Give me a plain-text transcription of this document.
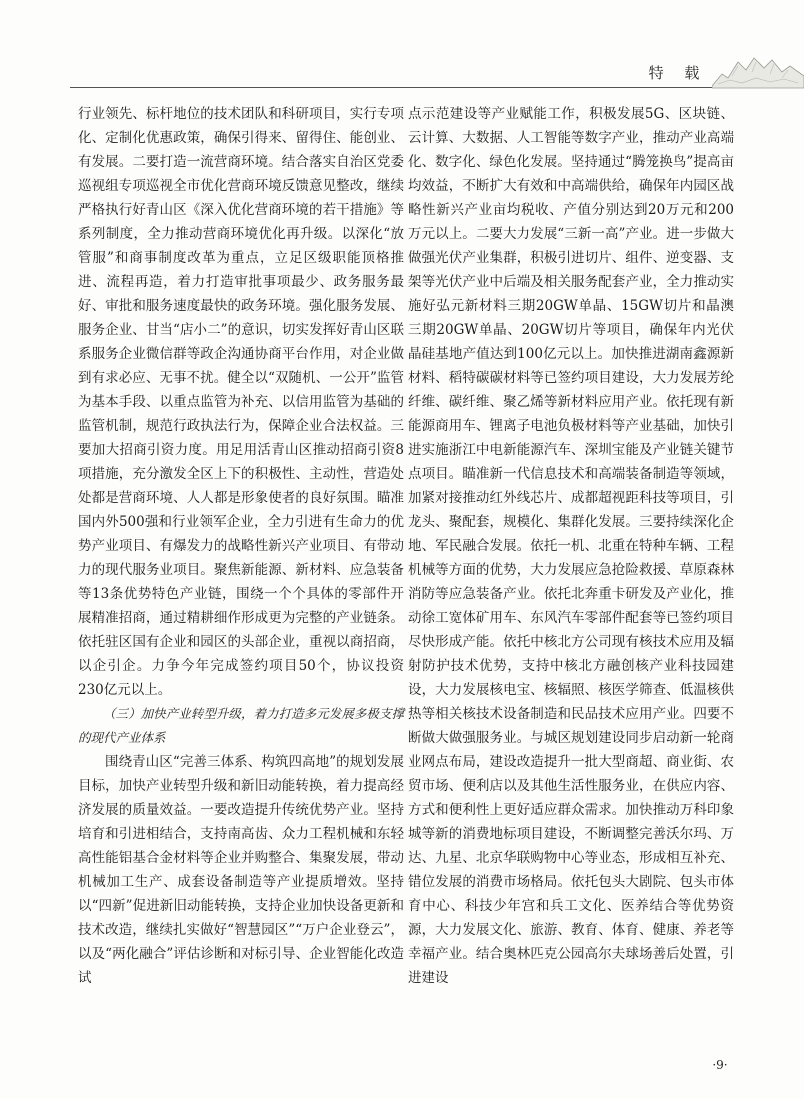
特 载

行业领先、标杆地位的技术团队和科研项目，实行专项化、定制化优惠政策，确保引得来、留得住、能创业、有发展。二要打造一流营商环境。结合落实自治区党委巡视组专项巡视全市优化营商环境反馈意见整改，继续严格执行好青山区《深入优化营商环境的若干措施》等系列制度，全力推动营商环境优化再升级。以深化“放管服”和商事制度改革为重点，立足区级职能顶格推进、流程再造，着力打造审批事项最少、政务服务最好、审批和服务速度最快的政务环境。强化服务发展、服务企业、甘当“店小二”的意识，切实发挥好青山区联系服务企业微信群等政企沟通协商平台作用，对企业做到有求必应、无事不扰。健全以“双随机、一公开”监管为基本手段、以重点监管为补充、以信用监管为基础的监管机制，规范行政执法行为，保障企业合法权益。三要加大招商引资力度。用足用活青山区推动招商引资8项措施，充分激发全区上下的积极性、主动性，营造处处都是营商环境、人人都是形象使者的良好氛围。瞄准国内外500强和行业领军企业，全力引进有生命力的优势产业项目、有爆发力的战略性新兴产业项目、有带动力的现代服务业项目。聚焦新能源、新材料、应急装备等13条优势特色产业链，围绕一个个具体的零部件开展精准招商，通过精耕细作形成更为完整的产业链条。依托驻区国有企业和园区的头部企业，重视以商招商，以企引企。力争今年完成签约项目50个，协议投资230亿元以上。

（三）加快产业转型升级，着力打造多元发展多极支撑的现代产业体系

围绕青山区“完善三体系、构筑四高地”的规划发展目标，加快产业转型升级和新旧动能转换，着力提高经济发展的质量效益。一要改造提升传统优势产业。坚持培育和引进相结合，支持南高齿、众力工程机械和东轻高性能铝基合金材料等企业并购整合、集聚发展，带动机械加工生产、成套设备制造等产业提质增效。坚持以“四新”促进新旧动能转换，支持企业加快设备更新和技术改造，继续扎实做好“智慧园区”“万户企业登云”，以及“两化融合”评估诊断和对标引导、企业智能化改造试

点示范建设等产业赋能工作，积极发展5G、区块链、云计算、大数据、人工智能等数字产业，推动产业高端化、数字化、绿色化发展。坚持通过“腾笼换鸟”提高亩均效益，不断扩大有效和中高端供给，确保年内园区战略性新兴产业亩均税收、产值分别达到20万元和200万元以上。二要大力发展“三新一高”产业。进一步做大做强光伏产业集群，积极引进切片、组件、逆变器、支架等光伏产业中后端及相关服务配套产业，全力推动实施好弘元新材料三期20GW单晶、15GW切片和晶澳三期20GW单晶、20GW切片等项目，确保年内光伏晶硅基地产值达到100亿元以上。加快推进湖南鑫源新材料、稻特碳碳材料等已签约项目建设，大力发展芳纶纤维、碳纤维、聚乙烯等新材料应用产业。依托现有新能源商用车、锂离子电池负极材料等产业基础，加快引进实施浙江中电新能源汽车、深圳宝能及产业链关键节点项目。瞄准新一代信息技术和高端装备制造等领域，加紧对接推动红外线芯片、成都超视距科技等项目，引龙头、聚配套，规模化、集群化发展。三要持续深化企地、军民融合发展。依托一机、北重在特种车辆、工程机械等方面的优势，大力发展应急抢险救援、草原森林消防等应急装备产业。依托北奔重卡研发及产业化，推动徐工宽体矿用车、东风汽车零部件配套等已签约项目尽快形成产能。依托中核北方公司现有核技术应用及辐射防护技术优势，支持中核北方融创核产业科技园建设，大力发展核电宝、核辐照、核医学筛查、低温核供热等相关核技术设备制造和民品技术应用产业。四要不断做大做强服务业。与城区规划建设同步启动新一轮商业网点布局，建设改造提升一批大型商超、商业街、农贸市场、便利店以及其他生活性服务业，在供应内容、方式和便利性上更好适应群众需求。加快推动万科印象城等新的消费地标项目建设，不断调整完善沃尔玛、万达、九星、北京华联购物中心等业态，形成相互补充、错位发展的消费市场格局。依托包头大剧院、包头市体育中心、科技少年宫和兵工文化、医养结合等优势资源，大力发展文化、旅游、教育、体育、健康、养老等幸福产业。结合奥林匹克公园高尔夫球场善后处置，引进建设

·9·
